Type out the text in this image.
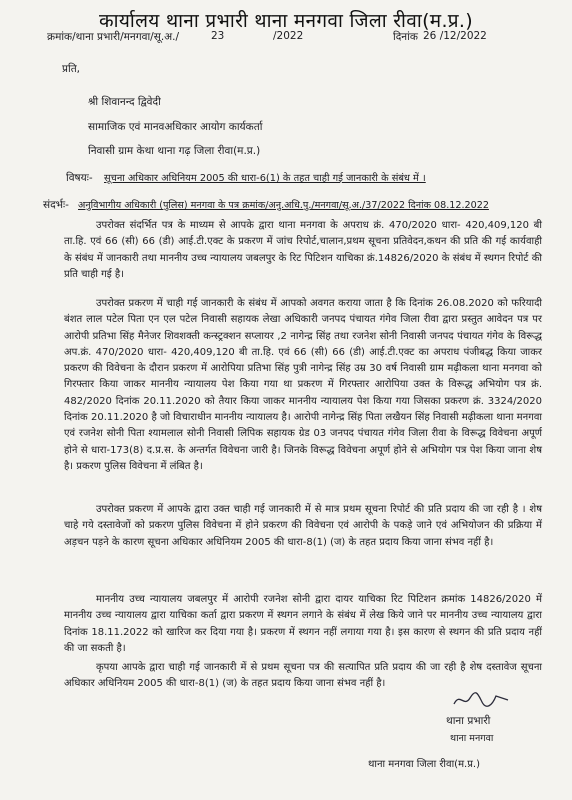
कार्यालय थाना प्रभारी थाना मनगवा जिला रीवा(म.प्र.)
क्रमांक/थाना प्रभारी/मनगवा/सू.अ./	23	/2022	दिनांक 26 /12/2022
प्रति,
श्री शिवानन्द द्विवेदी
सामाजिक एवं मानवअधिकार आयोग कार्यकर्ता
निवासी ग्राम केथा थाना गढ़ जिला रीवा(म.प्र.)
विषयः- सूचना अधिकार अधिनियम 2005 की धारा-6(1) के तहत चाही गई जानकारी के संबंध में ।
संदर्भः- अनुविभागीय अधिकारी (पुलिस) मनगवा के पत्र क्रमांक/अनु.अधि.पु./मनगवा/सू.अ./37/2022 दिनांक 08.12.2022

उपरोक्त संदर्भित पत्र के माध्यम से आपके द्वारा थाना मनगवा के अपराध क्रं. 470/2020 धारा- 420,409,120 बी ता.हि. एवं 66 (सी) 66 (डी) आई.टी.एक्ट के प्रकरण में जांच रिपोर्ट,चालान,प्रथम सूचना प्रतिवेदन,कथन की प्रति की गई कार्यवाही के संबंध में जानकारी तथा माननीय उच्च न्यायालय जबलपुर के रिट पिटिशन याचिका क्रं.14826/2020 के संबंध में स्थगन रिपोर्ट की प्रति चाही गई है।

उपरोक्त प्रकरण में चाही गई जानकारी के संबंध में आपको अवगत कराया जाता है कि दिनांक 26.08.2020 को फरियादी बंशत लाल पटेल पिता एन एल पटेल निवासी सहायक लेखा अधिकारी जनपद पंचायत गंगेव जिला रीवा द्वारा प्रस्तुत आवेदन पत्र पर आरोपी प्रतिभा सिंह मैनेजर शिवशक्ती कन्स्ट्रक्शन सप्लायर ,2 नागेन्द्र सिंह तथा रजनेश सोनी निवासी जनपद पंचायत गंगेव के विरूद्ध अप.क्रं. 470/2020 धारा- 420,409,120 बी ता.हि. एवं 66 (सी) 66 (डी) आई.टी.एक्ट का अपराध पंजीबद्ध किया जाकर प्रकरण की विवेचना के दौरान प्रकरण में आरोपिया प्रतिभा सिंह पुत्री नागेन्द्र सिंह उम्र 30 वर्ष निवासी ग्राम मढ़ीकला थाना मनगवा को गिरफ्तार किया जाकर माननीय न्यायालय पेश किया गया था प्रकरण में गिरफ्तार आरोपिया उक्त के विरूद्ध अभियोग पत्र क्रं. 482/2020 दिनांक 20.11.2020 को तैयार किया जाकर माननीय न्यायालय पेश किया गया जिसका प्रकरण क्रं. 3324/2020 दिनांक 20.11.2020 है जो विचाराधीन माननीय न्यायालय है। आरोपी नागेन्द्र सिंह पिता लखैयन सिंह निवासी मढ़ीकला थाना मनगवा एवं रजनेश सोनी पिता श्यामलाल सोनी निवासी लिपिक सहायक ग्रेड 03 जनपद पंचायत गंगेव जिला रीवा के विरूद्ध विवेचना अपूर्ण होने से धारा-173(8) द.प्र.स. के अन्तर्गत विवेचना जारी है। जिनके विरूद्ध विवेचना अपूर्ण होने से अभियोग पत्र पेश किया जाना शेष है। प्रकरण पुलिस विवेचना में लंबित है।

उपरोक्त प्रकरण में आपके द्वारा उक्त चाही गई जानकारी में से मात्र प्रथम सूचना रिपोर्ट की प्रति प्रदाय की जा रही है । शेष चाहे गये दस्तावेजों को प्रकरण पुलिस विवेचना में होने प्रकरण की विवेचना एवं आरोपी के पकड़े जाने एवं अभियोजन की प्रक्रिया में अड़चन पड़ने के कारण सूचना अधिकार अधिनियम 2005 की धारा-8(1) (ज) के तहत प्रदाय किया जाना संभव नहीं है।

माननीय उच्च न्यायालय जबलपुर में आरोपी रजनेश सोनी द्वारा दायर याचिका रिट पिटिशन क्रमांक 14826/2020 में माननीय उच्च न्यायालय द्वारा याचिका कर्ता द्वारा प्रकरण में स्थगन लगाने के संबंध में लेख किये जाने पर माननीय उच्च न्यायालय द्वारा दिनांक 18.11.2022 को खारिज कर दिया गया है। प्रकरण में स्थगन नहीं लगाया गया है। इस कारण से स्थगन की प्रति प्रदाय नहीं की जा सकती है।

कृपया आपके द्वारा चाही गई जानकारी में से प्रथम सूचना पत्र की सत्यापित प्रति प्रदाय की जा रही है शेष दस्तावेज सूचना अधिकार अधिनियम 2005 की धारा-8(1) (ज) के तहत प्रदाय किया जाना संभव नहीं है।

थाना प्रभारी
थाना मनगवा
थाना मनगवा जिला रीवा(म.प्र.)
